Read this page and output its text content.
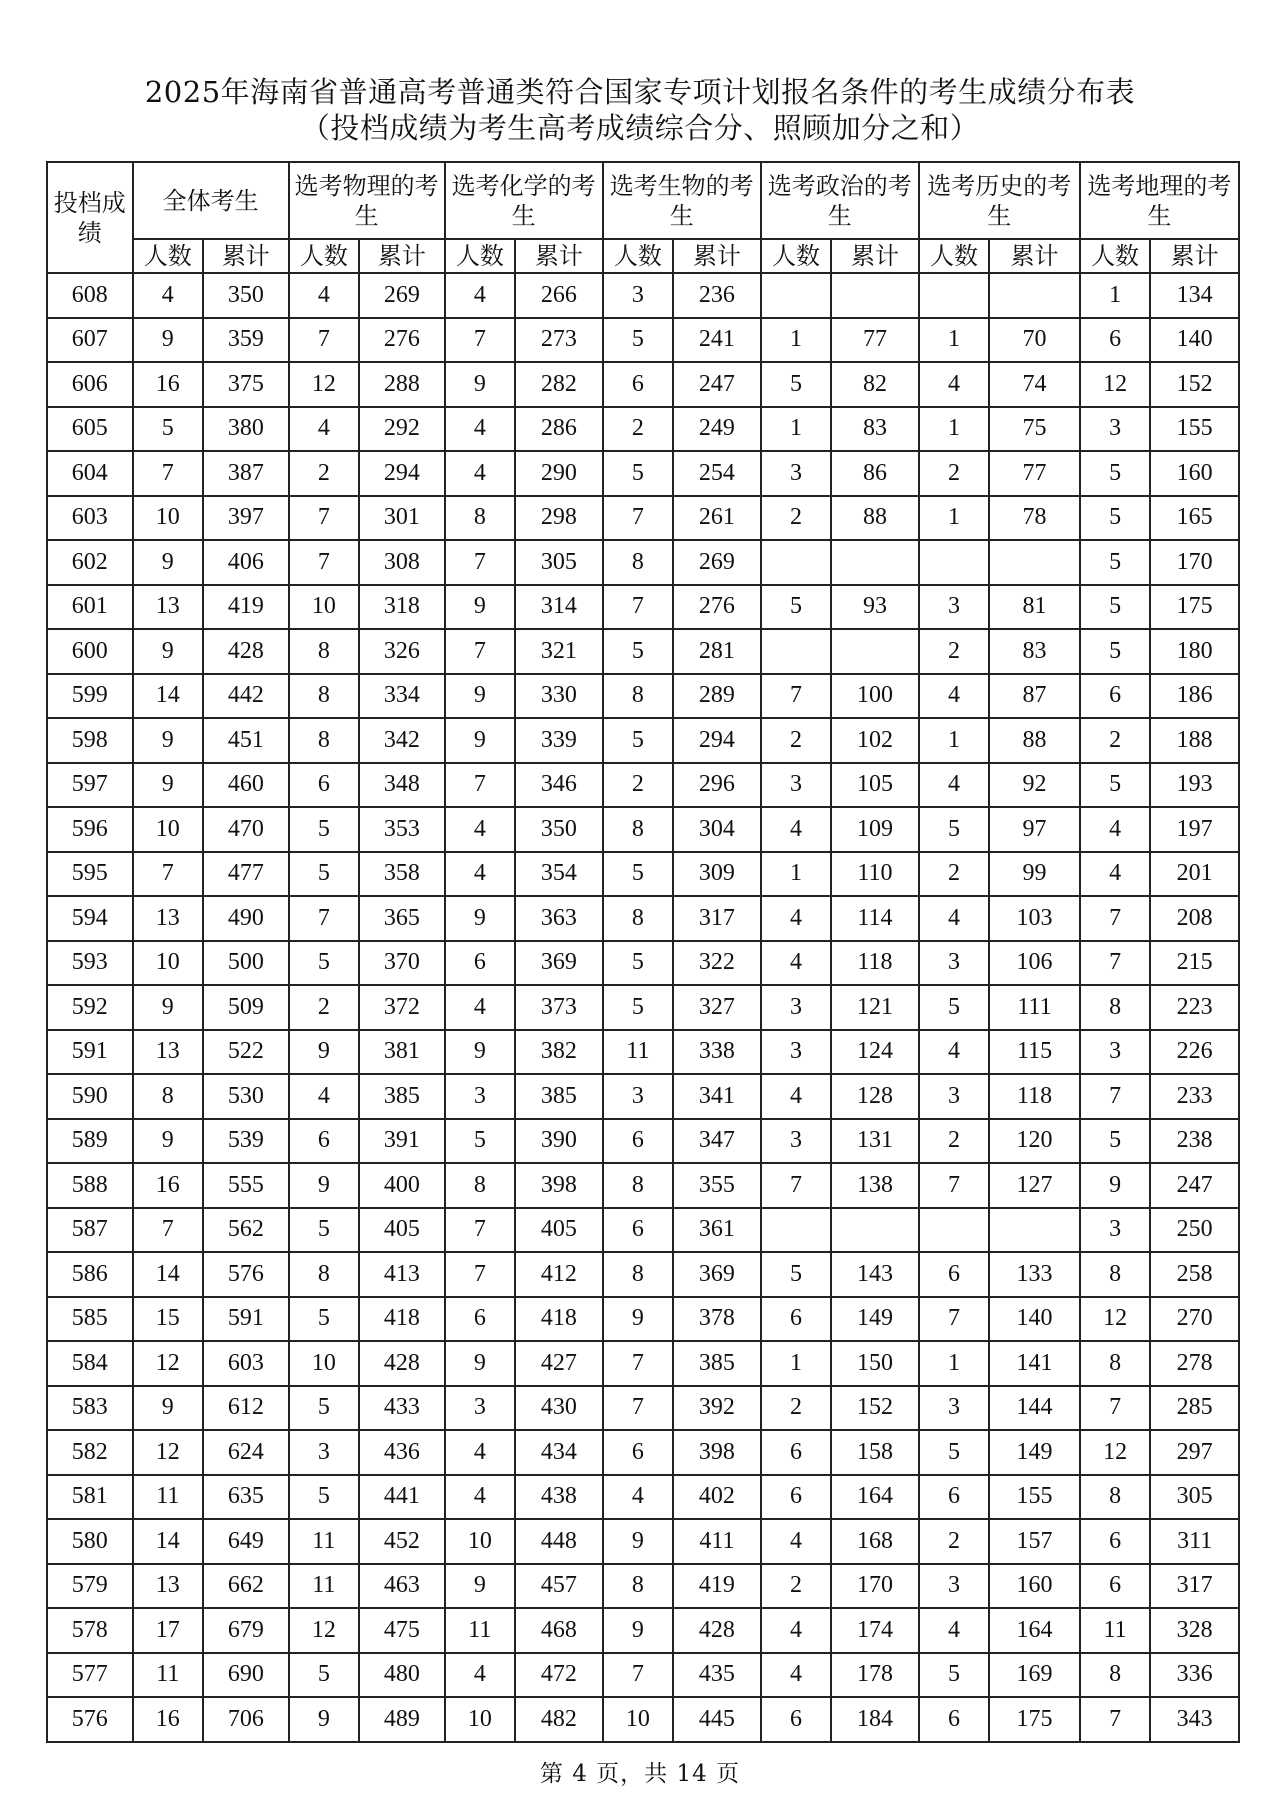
2025年海南省普通高考普通类符合国家专项计划报名条件的考生成绩分布表
（投档成绩为考生高考成绩综合分、照顾加分之和）
投档成绩	全体考生		选考物理的考生		选考化学的考生		选考生物的考生		选考政治的考生		选考历史的考生		选考地理的考生	
	人数	累计	人数	累计	人数	累计	人数	累计	人数	累计	人数	累计	人数	累计
608	4	350	4	269	4	266	3	236					1	134
607	9	359	7	276	7	273	5	241	1	77	1	70	6	140
606	16	375	12	288	9	282	6	247	5	82	4	74	12	152
605	5	380	4	292	4	286	2	249	1	83	1	75	3	155
604	7	387	2	294	4	290	5	254	3	86	2	77	5	160
603	10	397	7	301	8	298	7	261	2	88	1	78	5	165
602	9	406	7	308	7	305	8	269					5	170
601	13	419	10	318	9	314	7	276	5	93	3	81	5	175
600	9	428	8	326	7	321	5	281			2	83	5	180
599	14	442	8	334	9	330	8	289	7	100	4	87	6	186
598	9	451	8	342	9	339	5	294	2	102	1	88	2	188
597	9	460	6	348	7	346	2	296	3	105	4	92	5	193
596	10	470	5	353	4	350	8	304	4	109	5	97	4	197
595	7	477	5	358	4	354	5	309	1	110	2	99	4	201
594	13	490	7	365	9	363	8	317	4	114	4	103	7	208
593	10	500	5	370	6	369	5	322	4	118	3	106	7	215
592	9	509	2	372	4	373	5	327	3	121	5	111	8	223
591	13	522	9	381	9	382	11	338	3	124	4	115	3	226
590	8	530	4	385	3	385	3	341	4	128	3	118	7	233
589	9	539	6	391	5	390	6	347	3	131	2	120	5	238
588	16	555	9	400	8	398	8	355	7	138	7	127	9	247
587	7	562	5	405	7	405	6	361					3	250
586	14	576	8	413	7	412	8	369	5	143	6	133	8	258
585	15	591	5	418	6	418	9	378	6	149	7	140	12	270
584	12	603	10	428	9	427	7	385	1	150	1	141	8	278
583	9	612	5	433	3	430	7	392	2	152	3	144	7	285
582	12	624	3	436	4	434	6	398	6	158	5	149	12	297
581	11	635	5	441	4	438	4	402	6	164	6	155	8	305
580	14	649	11	452	10	448	9	411	4	168	2	157	6	311
579	13	662	11	463	9	457	8	419	2	170	3	160	6	317
578	17	679	12	475	11	468	9	428	4	174	4	164	11	328
577	11	690	5	480	4	472	7	435	4	178	5	169	8	336
576	16	706	9	489	10	482	10	445	6	184	6	175	7	343
第 4 页，共 14 页
